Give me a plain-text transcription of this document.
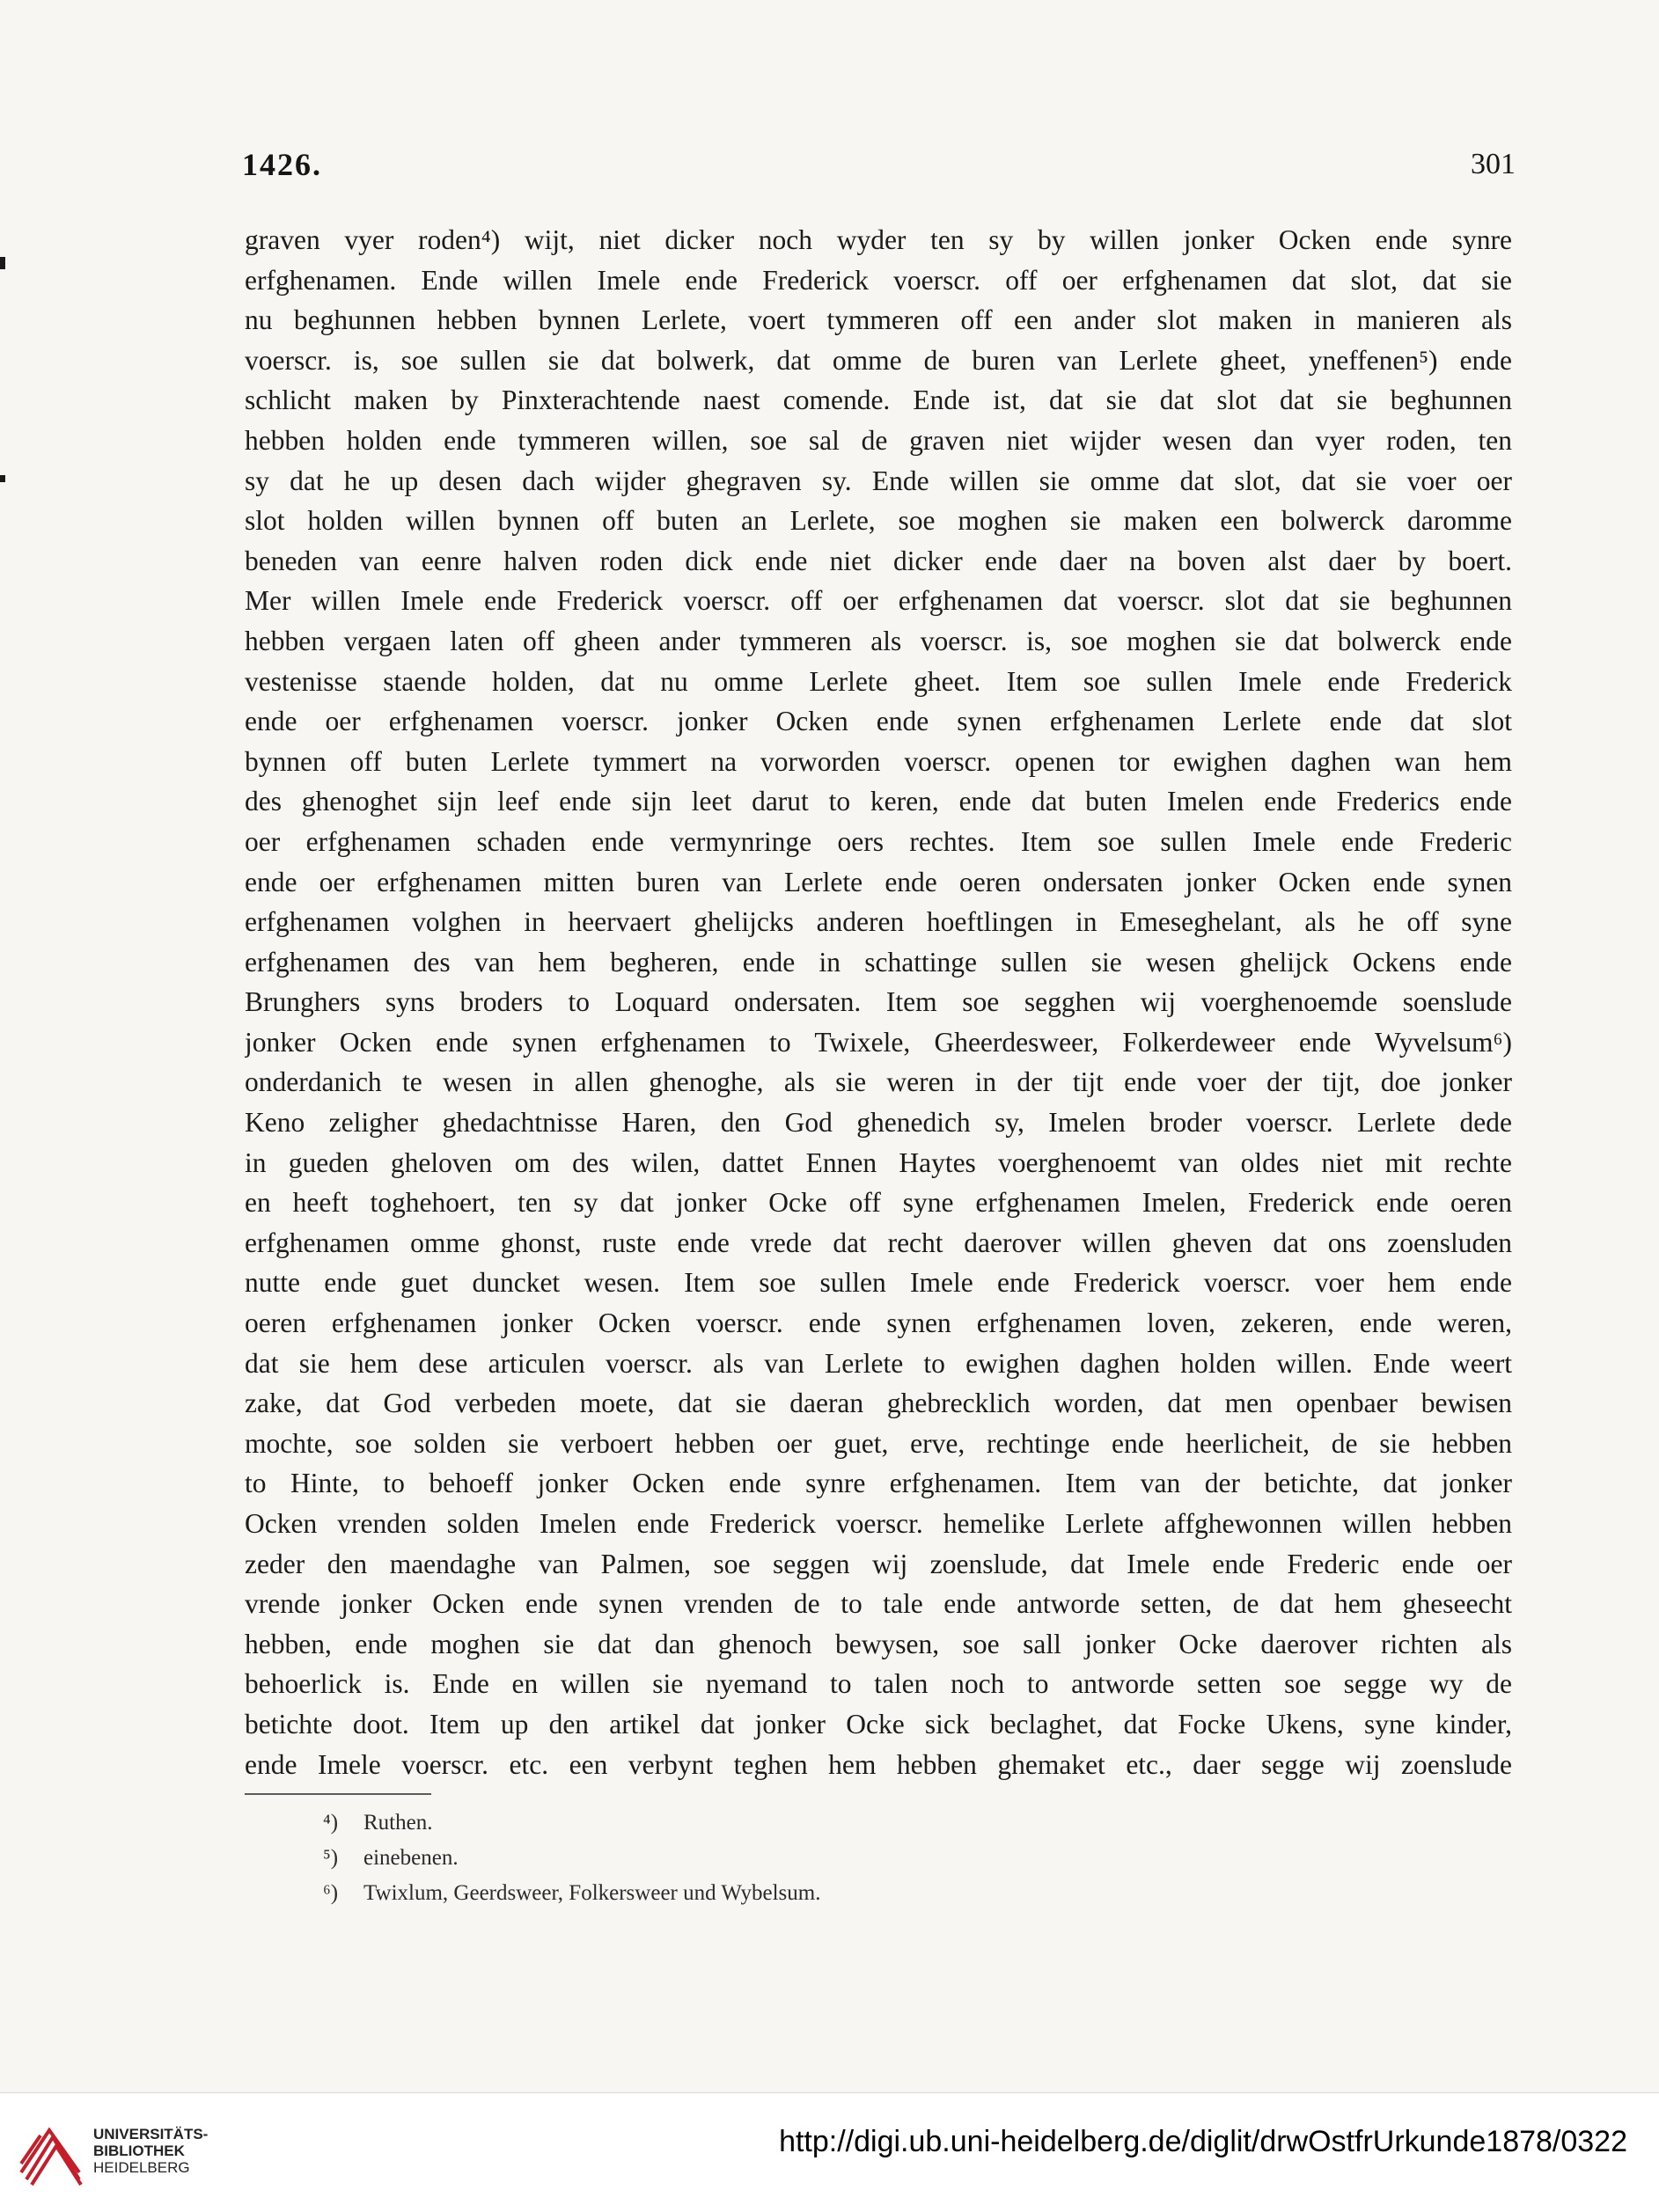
1426.	301
graven vyer roden⁴) wijt, niet dicker noch wyder ten sy by willen jonker Ocken ende synre
erfghenamen. Ende willen Imele ende Frederick voerscr. off oer erfghenamen dat slot, dat sie
nu beghunnen hebben bynnen Lerlete, voert tymmeren off een ander slot maken in manieren als
voerscr. is, soe sullen sie dat bolwerk, dat omme de buren van Lerlete gheet, yneffenen⁵) ende
schlicht maken by Pinxterachtende naest comende. Ende ist, dat sie dat slot dat sie beghunnen
hebben holden ende tymmeren willen, soe sal de graven niet wijder wesen dan vyer roden, ten
sy dat he up desen dach wijder ghegraven sy. Ende willen sie omme dat slot, dat sie voer oer
slot holden willen bynnen off buten an Lerlete, soe moghen sie maken een bolwerck daromme
beneden van eenre halven roden dick ende niet dicker ende daer na boven alst daer by boert.
Mer willen Imele ende Frederick voerscr. off oer erfghenamen dat voerscr. slot dat sie beghunnen
hebben vergaen laten off gheen ander tymmeren als voerscr. is, soe moghen sie dat bolwerck ende
vestenisse staende holden, dat nu omme Lerlete gheet. Item soe sullen Imele ende Frederick
ende oer erfghenamen voerscr. jonker Ocken ende synen erfghenamen Lerlete ende dat slot
bynnen off buten Lerlete tymmert na vorworden voerscr. openen tor ewighen daghen wan hem
des ghenoghet sijn leef ende sijn leet darut to keren, ende dat buten Imelen ende Frederics ende
oer erfghenamen schaden ende vermynringe oers rechtes. Item soe sullen Imele ende Frederic
ende oer erfghenamen mitten buren van Lerlete ende oeren ondersaten jonker Ocken ende synen
erfghenamen volghen in heervaert ghelijcks anderen hoeftlingen in Emeseghelant, als he off syne
erfghenamen des van hem begheren, ende in schattinge sullen sie wesen ghelijck Ockens ende
Brunghers syns broders to Loquard ondersaten. Item soe segghen wij voerghenoemde soenslude
jonker Ocken ende synen erfghenamen to Twixele, Gheerdesweer, Folkerdeweer ende Wyvelsum⁶)
onderdanich te wesen in allen ghenoghe, als sie weren in der tijt ende voer der tijt, doe jonker
Keno zeligher ghedachtnisse Haren, den God ghenedich sy, Imelen broder voerscr. Lerlete dede
in gueden gheloven om des wilen, dattet Ennen Haytes voerghenoemt van oldes niet mit rechte
en heeft toghehoert, ten sy dat jonker Ocke off syne erfghenamen Imelen, Frederick ende oeren
erfghenamen omme ghonst, ruste ende vrede dat recht daerover willen gheven dat ons zoensluden
nutte ende guet duncket wesen. Item soe sullen Imele ende Frederick voerscr. voer hem ende
oeren erfghenamen jonker Ocken voerscr. ende synen erfghenamen loven, zekeren, ende weren,
dat sie hem dese articulen voerscr. als van Lerlete to ewighen daghen holden willen. Ende weert
zake, dat God verbeden moete, dat sie daeran ghebrecklich worden, dat men openbaer bewisen
mochte, soe solden sie verboert hebben oer guet, erve, rechtinge ende heerlicheit, de sie hebben
to Hinte, to behoeff jonker Ocken ende synre erfghenamen. Item van der betichte, dat jonker
Ocken vrenden solden Imelen ende Frederick voerscr. hemelike Lerlete affghewonnen willen hebben
zeder den maendaghe van Palmen, soe seggen wij zoenslude, dat Imele ende Frederic ende oer
vrende jonker Ocken ende synen vrenden de to tale ende antworde setten, de dat hem gheseecht
hebben, ende moghen sie dat dan ghenoch bewysen, soe sall jonker Ocke daerover richten als
behoerlick is. Ende en willen sie nyemand to talen noch to antworde setten soe segge wy de
betichte doot. Item up den artikel dat jonker Ocke sick beclaghet, dat Focke Ukens, syne kinder,
ende Imele voerscr. etc. een verbynt teghen hem hebben ghemaket etc., daer segge wij zoenslude
⁴) Ruthen.
⁵) einebenen.
⁶) Twixlum, Geerdsweer, Folkersweer und Wybelsum.
UNIVERSITÄTS-
BIBLIOTHEK
HEIDELBERG
http://digi.ub.uni-heidelberg.de/diglit/drwOstfrUrkunde1878/0322
